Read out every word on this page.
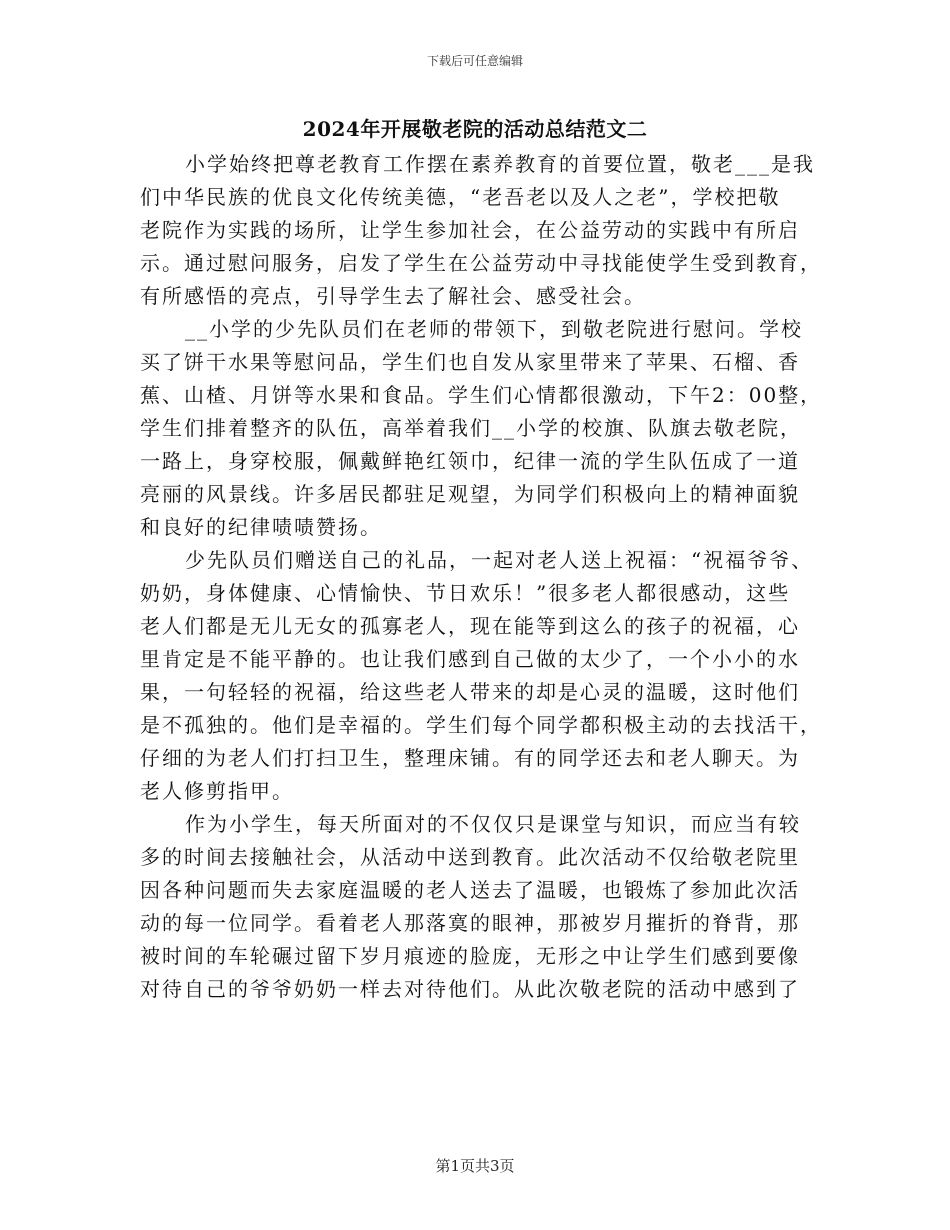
下载后可任意编辑
2024年开展敬老院的活动总结范文二

小学始终把尊老教育工作摆在素养教育的首要位置，敬老___是我
们中华民族的优良文化传统美德，“老吾老以及人之老”，学校把敬
老院作为实践的场所，让学生参加社会，在公益劳动的实践中有所启
示。通过慰问服务，启发了学生在公益劳动中寻找能使学生受到教育，
有所感悟的亮点，引导学生去了解社会、感受社会。

__小学的少先队员们在老师的带领下，到敬老院进行慰问。学校
买了饼干水果等慰问品，学生们也自发从家里带来了苹果、石榴、香
蕉、山楂、月饼等水果和食品。学生们心情都很激动，下午2：00整，
学生们排着整齐的队伍，高举着我们__小学的校旗、队旗去敬老院，
一路上，身穿校服，佩戴鲜艳红领巾，纪律一流的学生队伍成了一道
亮丽的风景线。许多居民都驻足观望，为同学们积极向上的精神面貌
和良好的纪律啧啧赞扬。

少先队员们赠送自己的礼品，一起对老人送上祝福：“祝福爷爷、
奶奶，身体健康、心情愉快、节日欢乐！”很多老人都很感动，这些
老人们都是无儿无女的孤寡老人，现在能等到这么的孩子的祝福，心
里肯定是不能平静的。也让我们感到自己做的太少了，一个小小的水
果，一句轻轻的祝福，给这些老人带来的却是心灵的温暖，这时他们
是不孤独的。他们是幸福的。学生们每个同学都积极主动的去找活干，
仔细的为老人们打扫卫生，整理床铺。有的同学还去和老人聊天。为
老人修剪指甲。

作为小学生，每天所面对的不仅仅只是课堂与知识，而应当有较
多的时间去接触社会，从活动中送到教育。此次活动不仅给敬老院里
因各种问题而失去家庭温暖的老人送去了温暖，也锻炼了参加此次活
动的每一位同学。看着老人那落寞的眼神，那被岁月摧折的脊背，那
被时间的车轮碾过留下岁月痕迹的脸庞，无形之中让学生们感到要像
对待自己的爷爷奶奶一样去对待他们。从此次敬老院的活动中感到了

第1页共3页
